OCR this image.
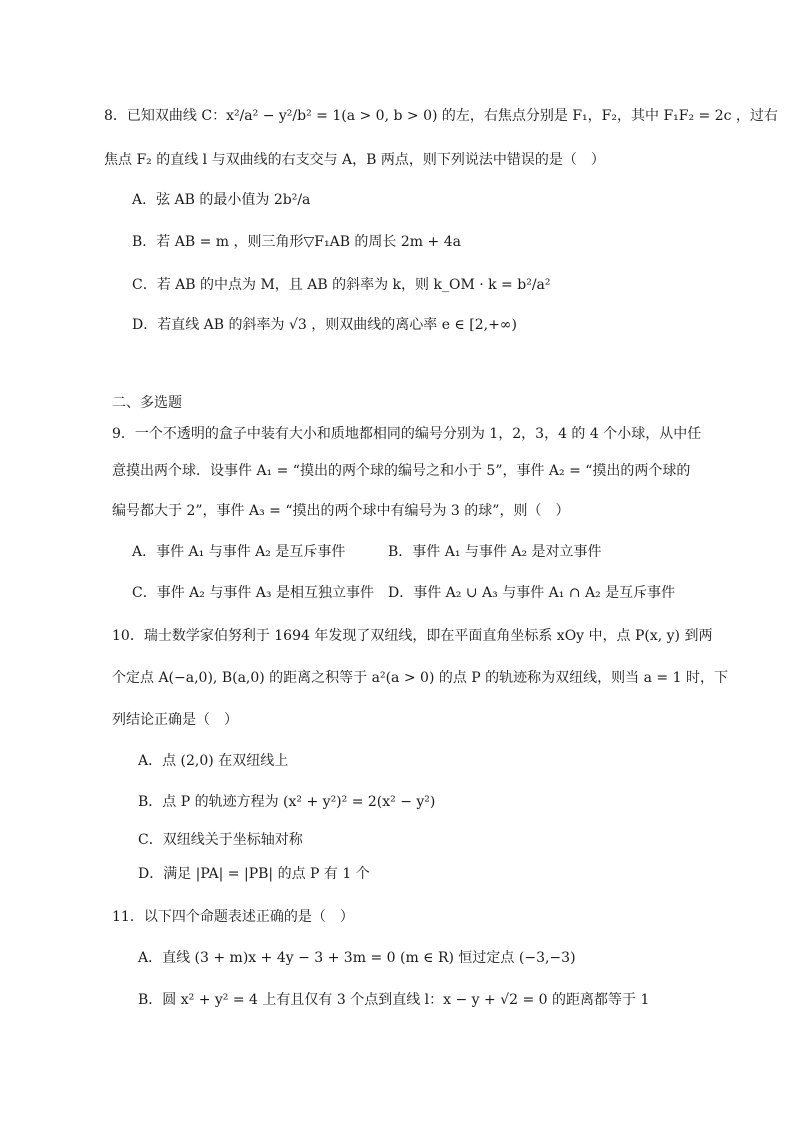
8．已知双曲线 C：x²/a² − y²/b² = 1(a > 0, b > 0) 的左，右焦点分别是 F₁，F₂，其中 F₁F₂ = 2c ，过右
焦点 F₂ 的直线 l 与双曲线的右支交与 A，B 两点，则下列说法中错误的是（　）
A．弦 AB 的最小值为 2b²/a
B．若 AB = m ，则三角形▽F₁AB 的周长 2m + 4a
C．若 AB 的中点为 M，且 AB 的斜率为 k，则 k_OM · k = b²/a²
D．若直线 AB 的斜率为 √3 ，则双曲线的离心率 e ∈ [2,+∞)
二、多选题
9．一个不透明的盒子中装有大小和质地都相同的编号分别为 1，2，3，4 的 4 个小球，从中任
意摸出两个球．设事件 A₁ = “摸出的两个球的编号之和小于 5”，事件 A₂ = “摸出的两个球的
编号都大于 2”，事件 A₃ = “摸出的两个球中有编号为 3 的球”，则（　）
A．事件 A₁ 与事件 A₂ 是互斥事件	B．事件 A₁ 与事件 A₂ 是对立事件
C．事件 A₂ 与事件 A₃ 是相互独立事件 D．事件 A₂ ∪ A₃ 与事件 A₁ ∩ A₂ 是互斥事件
10．瑞士数学家伯努利于 1694 年发现了双纽线，即在平面直角坐标系 xOy 中，点 P(x, y) 到两
个定点 A(−a,0), B(a,0) 的距离之积等于 a²(a > 0) 的点 P 的轨迹称为双纽线，则当 a = 1 时，下
列结论正确是（　）
A．点 (2,0) 在双纽线上
B．点 P 的轨迹方程为 (x² + y²)² = 2(x² − y²)
C．双纽线关于坐标轴对称
D．满足 |PA| = |PB| 的点 P 有 1 个
11．以下四个命题表述正确的是（　）
A．直线 (3 + m)x + 4y − 3 + 3m = 0 (m ∈ R) 恒过定点 (−3,−3)
B．圆 x² + y² = 4 上有且仅有 3 个点到直线 l：x − y + √2 = 0 的距离都等于 1
